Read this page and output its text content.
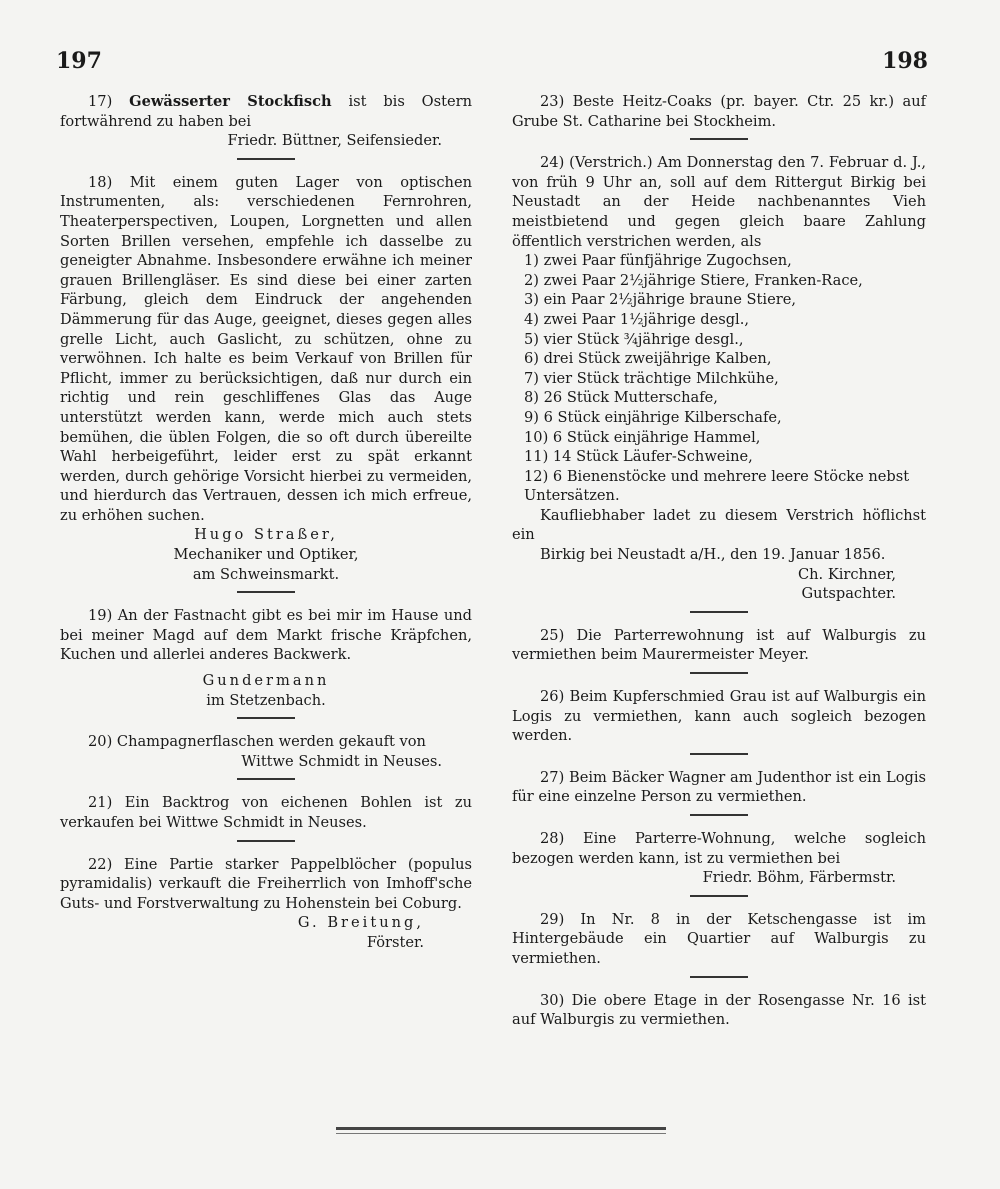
197	198

17) Gewässerter Stockfisch ist bis Ostern fortwährend zu haben bei

Friedr. Büttner, Seifensieder.

18) Mit einem guten Lager von optischen Instrumenten, als: verschiedenen Fernrohren, Theaterperspectiven, Loupen, Lorgnetten und allen Sorten Brillen versehen, empfehle ich dasselbe zu geneigter Abnahme. Insbesondere erwähne ich meiner grauen Brillengläser. Es sind diese bei einer zarten Färbung, gleich dem Eindruck der angehenden Dämmerung für das Auge, geeignet, dieses gegen alles grelle Licht, auch Gaslicht, zu schützen, ohne zu verwöhnen. Ich halte es beim Verkauf von Brillen für Pflicht, immer zu berücksichtigen, daß nur durch ein richtig und rein geschliffenes Glas das Auge unterstützt werden kann, werde mich auch stets bemühen, die üblen Folgen, die so oft durch übereilte Wahl herbeigeführt, leider erst zu spät erkannt werden, durch gehörige Vorsicht hierbei zu vermeiden, und hierdurch das Vertrauen, dessen ich mich erfreue, zu erhöhen suchen.

Hugo Straßer,

Mechaniker und Optiker,

am Schweinsmarkt.

19) An der Fastnacht gibt es bei mir im Hause und bei meiner Magd auf dem Markt frische Kräpfchen, Kuchen und allerlei anderes Backwerk.

Gundermann

im Stetzenbach.

20) Champagnerflaschen werden gekauft von

Wittwe Schmidt in Neuses.

21) Ein Backtrog von eichenen Bohlen ist zu verkaufen bei Wittwe Schmidt in Neuses.

22) Eine Partie starker Pappelblöcher (populus pyramidalis) verkauft die Freiherrlich von Imhoff'sche Guts- und Forstverwaltung zu Hohenstein bei Coburg.

G. Breitung,

Förster.

23) Beste Heitz-Coaks (pr. bayer. Ctr. 25 kr.) auf Grube St. Catharine bei Stockheim.

24) (Verstrich.) Am Donnerstag den 7. Februar d. J., von früh 9 Uhr an, soll auf dem Rittergut Birkig bei Neustadt an der Heide nachbenanntes Vieh meistbietend und gegen gleich baare Zahlung öffentlich verstrichen werden, als

1) zwei Paar fünfjährige Zugochsen,
2) zwei Paar 2½jährige Stiere, Franken-Race,
3) ein Paar 2½jährige braune Stiere,
4) zwei Paar 1½jährige desgl.,
5) vier Stück ¾jährige desgl.,
6) drei Stück zweijährige Kalben,
7) vier Stück trächtige Milchkühe,
8) 26 Stück Mutterschafe,
9) 6 Stück einjährige Kilberschafe,
10) 6 Stück einjährige Hammel,
11) 14 Stück Läufer-Schweine,
12) 6 Bienenstöcke und mehrere leere Stöcke nebst Untersätzen.

Kaufliebhaber ladet zu diesem Verstrich höflichst ein

Birkig bei Neustadt a/H., den 19. Januar 1856.

Ch. Kirchner,

Gutspachter.

25) Die Parterrewohnung ist auf Walburgis zu vermiethen beim Maurermeister Meyer.

26) Beim Kupferschmied Grau ist auf Walburgis ein Logis zu vermiethen, kann auch sogleich bezogen werden.

27) Beim Bäcker Wagner am Judenthor ist ein Logis für eine einzelne Person zu vermiethen.

28) Eine Parterre-Wohnung, welche sogleich bezogen werden kann, ist zu vermiethen bei

Friedr. Böhm, Färbermstr.

29) In Nr. 8 in der Ketschengasse ist im Hintergebäude ein Quartier auf Walburgis zu vermiethen.

30) Die obere Etage in der Rosengasse Nr. 16 ist auf Walburgis zu vermiethen.
